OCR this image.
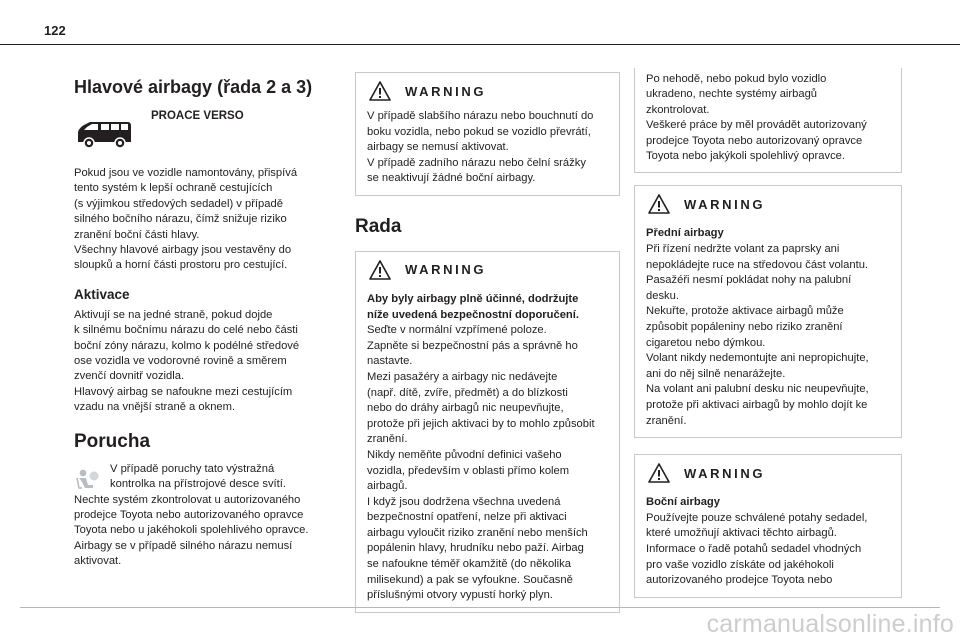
122
Hlavové airbagy (řada 2 a 3)
PROACE VERSO
Pokud jsou ve vozidle namontovány, přispívá
tento systém k lepší ochraně cestujících
(s výjimkou středových sedadel) v případě
silného bočního nárazu, čímž snižuje riziko
zranění boční části hlavy.
Všechny hlavové airbagy jsou vestavěny do
sloupků a horní části prostoru pro cestující.
Aktivace
Aktivují se na jedné straně, pokud dojde
k silnému bočnímu nárazu do celé nebo části
boční zóny nárazu, kolmo k podélné středové
ose vozidla ve vodorovné rovině a směrem
zvenčí dovnitř vozidla.
Hlavový airbag se nafoukne mezi cestujícím
vzadu na vnější straně a oknem.
Porucha
V případě poruchy tato výstražná
kontrolka na přístrojové desce svítí.
Nechte systém zkontrolovat u autorizovaného
prodejce Toyota nebo autorizovaného opravce
Toyota nebo u jakéhokoli spolehlivého opravce.
Airbagy se v případě silného nárazu nemusí
aktivovat.
WARNING
V případě slabšího nárazu nebo bouchnutí do
boku vozidla, nebo pokud se vozidlo převrátí,
airbagy se nemusí aktivovat.
V případě zadního nárazu nebo čelní srážky
se neaktivují žádné boční airbagy.
Rada
WARNING
Aby byly airbagy plně účinné, dodržujte
níže uvedená bezpečnostní doporučení.
Seďte v normální vzpřímené poloze.
Zapněte si bezpečnostní pás a správně ho
nastavte.
Mezi pasažéry a airbagy nic nedávejte
(např. dítě, zvíře, předmět) a do blízkosti
nebo do dráhy airbagů nic neupevňujte,
protože při jejich aktivaci by to mohlo způsobit
zranění.
Nikdy neměňte původní definici vašeho
vozidla, především v oblasti přímo kolem
airbagů.
I když jsou dodržena všechna uvedená
bezpečnostní opatření, nelze při aktivaci
airbagu vyloučit riziko zranění nebo menších
popálenin hlavy, hrudníku nebo paží. Airbag
se nafoukne téměř okamžitě (do několika
milisekund) a pak se vyfoukne. Současně
příslušnými otvory vypustí horký plyn.
Po nehodě, nebo pokud bylo vozidlo
ukradeno, nechte systémy airbagů
zkontrolovat.
Veškeré práce by měl provádět autorizovaný
prodejce Toyota nebo autorizovaný opravce
Toyota nebo jakýkoli spolehlivý opravce.
WARNING
Přední airbagy
Při řízení nedržte volant za paprsky ani
nepokládejte ruce na středovou část volantu.
Pasažéři nesmí pokládat nohy na palubní
desku.
Nekuřte, protože aktivace airbagů může
způsobit popáleniny nebo riziko zranění
cigaretou nebo dýmkou.
Volant nikdy nedemontujte ani nepropichujte,
ani do něj silně nenarážejte.
Na volant ani palubní desku nic neupevňujte,
protože při aktivaci airbagů by mohlo dojít ke
zranění.
WARNING
Boční airbagy
Používejte pouze schválené potahy sedadel,
které umožňují aktivaci těchto airbagů.
Informace o řadě potahů sedadel vhodných
pro vaše vozidlo získáte od jakéhokoli
autorizovaného prodejce Toyota nebo
carmanualsonline.info
